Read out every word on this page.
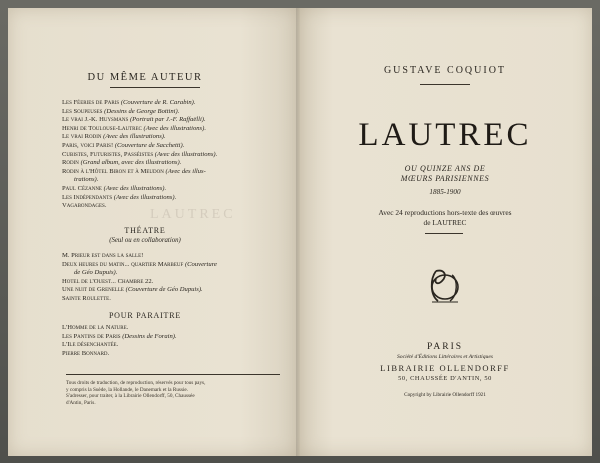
DU MÊME AUTEUR
LAUTREC
Les Féeries de Paris (Couverture de R. Carabin).
Les Soupeuses (Dessins de George Bottini).
Le vrai J.-K. Huysmans (Portrait par J.-F. Raffaëlli).
Henri de Toulouse-Lautrec (Avec des illustrations).
Le vrai Rodin (Avec des illustrations).
Paris, voici Paris! (Couverture de Sacchetti).
Cubistes, Futuristes, Passéistes (Avec des illustrations).
Rodin (Grand album, avec des illustrations).
Rodin à l'Hôtel Biron et à Meudon (Avec des illus-
trations).
Paul Cézanne (Avec des illustrations).
Les Indépendants (Avec des illustrations).
Vagabondages.
THÉATRE
(Seul ou en collaboration)
M. Prieur est dans la salle!
Deux heures du matin... quartier Marbeuf (Couverture
de Géo Dupuis).
Hotel de l'Ouest... Chambre 22.
Une nuit de Grenelle (Couverture de Géo Dupuis).
Sainte Roulette.
POUR PARAITRE
L'Homme de la Nature.
Les Pantins de Paris (Dessins de Forain).
L'Ile désenchantée.
Pierre Bonnard.
Tous droits de traduction, de reproduction, réservés pour tous pays,
y compris la Suède, la Hollande, le Danemark et la Russie.
S'adresser, pour traiter, à la Librairie Ollendorff, 50, Chaussée
d'Antin, Paris.
GUSTAVE COQUIOT
LAUTREC
OU QUINZE ANS DE
MŒURS PARISIENNES
1885-1900
Avec 24 reproductions hors-texte des œuvres
de LAUTREC
PARIS
Société d'Éditions Littéraires et Artistiques
LIBRAIRIE OLLENDORFF
50, CHAUSSÉE D'ANTIN, 50
Copyright by Librairie Ollendorff 1921
